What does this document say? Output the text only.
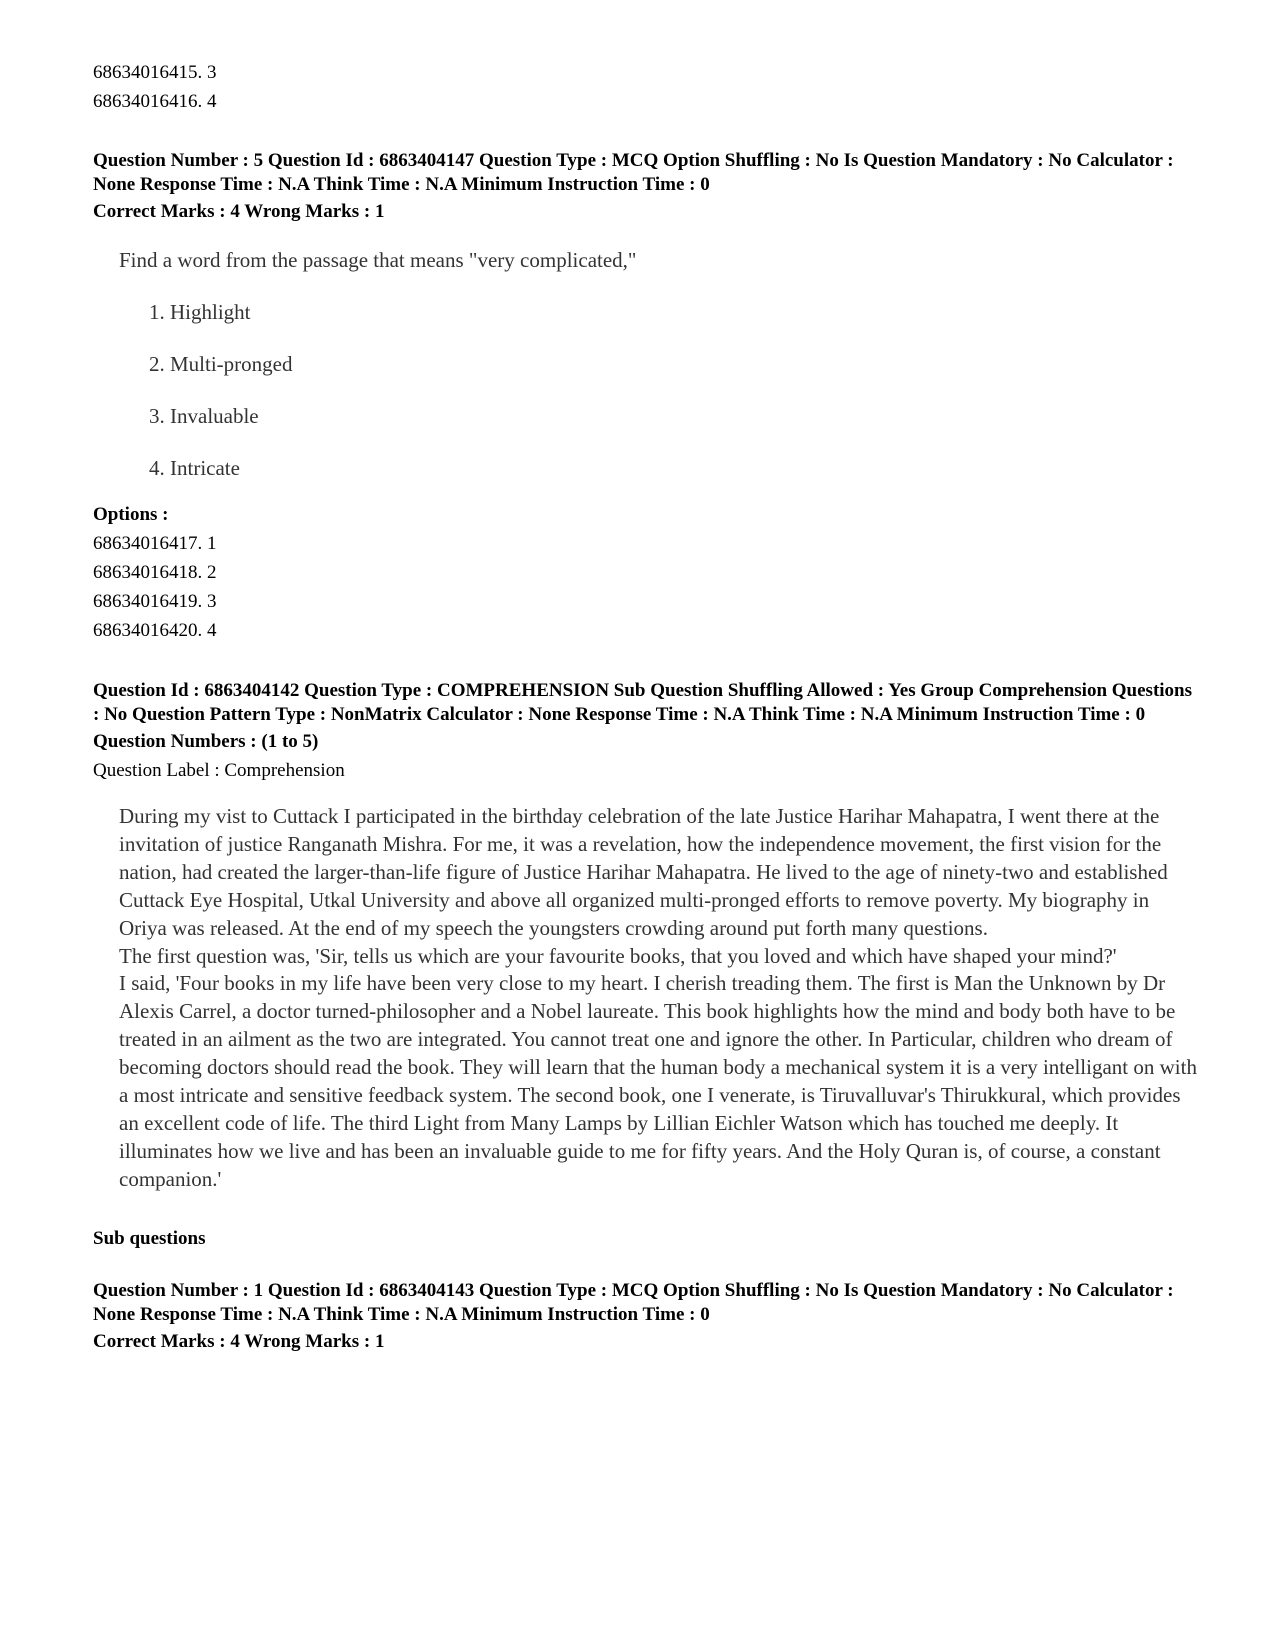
68634016415. 3
68634016416. 4
Question Number : 5 Question Id : 6863404147 Question Type : MCQ Option Shuffling : No Is Question Mandatory : No Calculator : None Response Time : N.A Think Time : N.A Minimum Instruction Time : 0
Correct Marks : 4 Wrong Marks : 1
Find a word from the passage that means "very complicated,"
1. Highlight
2. Multi-pronged
3. Invaluable
4. Intricate
Options :
68634016417. 1
68634016418. 2
68634016419. 3
68634016420. 4
Question Id : 6863404142 Question Type : COMPREHENSION Sub Question Shuffling Allowed : Yes Group Comprehension Questions : No Question Pattern Type : NonMatrix Calculator : None Response Time : N.A Think Time : N.A Minimum Instruction Time : 0
Question Numbers : (1 to 5)
Question Label : Comprehension

During my vist to Cuttack I participated in the birthday celebration of the late Justice Harihar Mahapatra, I went there at the invitation of justice Ranganath Mishra. For me, it was a revelation, how the independence movement, the first vision for the nation, had created the larger-than-life figure of Justice Harihar Mahapatra. He lived to the age of ninety-two and established Cuttack Eye Hospital, Utkal University and above all organized multi-pronged efforts to remove poverty. My biography in Oriya was released. At the end of my speech the youngsters crowding around put forth many questions.

The first question was, 'Sir, tells us which are your favourite books, that you loved and which have shaped your mind?'

I said, 'Four books in my life have been very close to my heart. I cherish treading them. The first is Man the Unknown by Dr Alexis Carrel, a doctor turned-philosopher and a Nobel laureate. This book highlights how the mind and body both have to be treated in an ailment as the two are integrated. You cannot treat one and ignore the other. In Particular, children who dream of becoming doctors should read the book. They will learn that the human body a mechanical system it is a very intelligant on with a most intricate and sensitive feedback system. The second book, one I venerate, is Tiruvalluvar's Thirukkural, which provides an excellent code of life. The third Light from Many Lamps by Lillian Eichler Watson which has touched me deeply. It illuminates how we live and has been an invaluable guide to me for fifty years. And the Holy Quran is, of course, a constant companion.'

Sub questions
Question Number : 1 Question Id : 6863404143 Question Type : MCQ Option Shuffling : No Is Question Mandatory : No Calculator : None Response Time : N.A Think Time : N.A Minimum Instruction Time : 0
Correct Marks : 4 Wrong Marks : 1
